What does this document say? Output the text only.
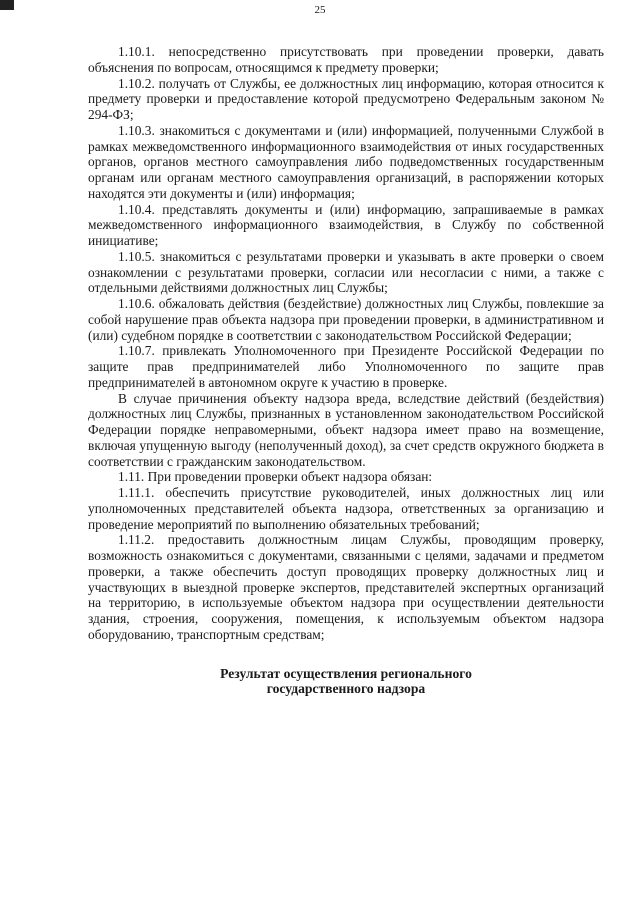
25

1.10.1. непосредственно присутствовать при проведении проверки, давать объяснения по вопросам, относящимся к предмету проверки;

1.10.2. получать от Службы, ее должностных лиц информацию, которая относится к предмету проверки и предоставление которой предусмотрено Федеральным законом № 294-ФЗ;

1.10.3. знакомиться с документами и (или) информацией, полученными Службой в рамках межведомственного информационного взаимодействия от иных государственных органов, органов местного самоуправления либо подведомственных государственным органам или органам местного самоуправления организаций, в распоряжении которых находятся эти документы и (или) информация;

1.10.4. представлять документы и (или) информацию, запрашиваемые в рамках межведомственного информационного взаимодействия, в Службу по собственной инициативе;

1.10.5. знакомиться с результатами проверки и указывать в акте проверки о своем ознакомлении с результатами проверки, согласии или несогласии с ними, а также с отдельными действиями должностных лиц Службы;

1.10.6. обжаловать действия (бездействие) должностных лиц Службы, повлекшие за собой нарушение прав объекта надзора при проведении проверки, в административном и (или) судебном порядке в соответствии с законодательством Российской Федерации;

1.10.7. привлекать Уполномоченного при Президенте Российской Федерации по защите прав предпринимателей либо Уполномоченного по защите прав предпринимателей в автономном округе к участию в проверке.

В случае причинения объекту надзора вреда, вследствие действий (бездействия) должностных лиц Службы, признанных в установленном законодательством Российской Федерации порядке неправомерными, объект надзора имеет право на возмещение, включая упущенную выгоду (неполученный доход), за счет средств окружного бюджета в соответствии с гражданским законодательством.

1.11. При проведении проверки объект надзора обязан:

1.11.1. обеспечить присутствие руководителей, иных должностных лиц или уполномоченных представителей объекта надзора, ответственных за организацию и проведение мероприятий по выполнению обязательных требований;

1.11.2. предоставить должностным лицам Службы, проводящим проверку, возможность ознакомиться с документами, связанными с целями, задачами и предметом проверки, а также обеспечить доступ проводящих проверку должностных лиц и участвующих в выездной проверке экспертов, представителей экспертных организаций на территорию, в используемые объектом надзора при осуществлении деятельности здания, строения, сооружения, помещения, к используемым объектом надзора оборудованию, транспортным средствам;

Результат осуществления регионального
государственного надзора
